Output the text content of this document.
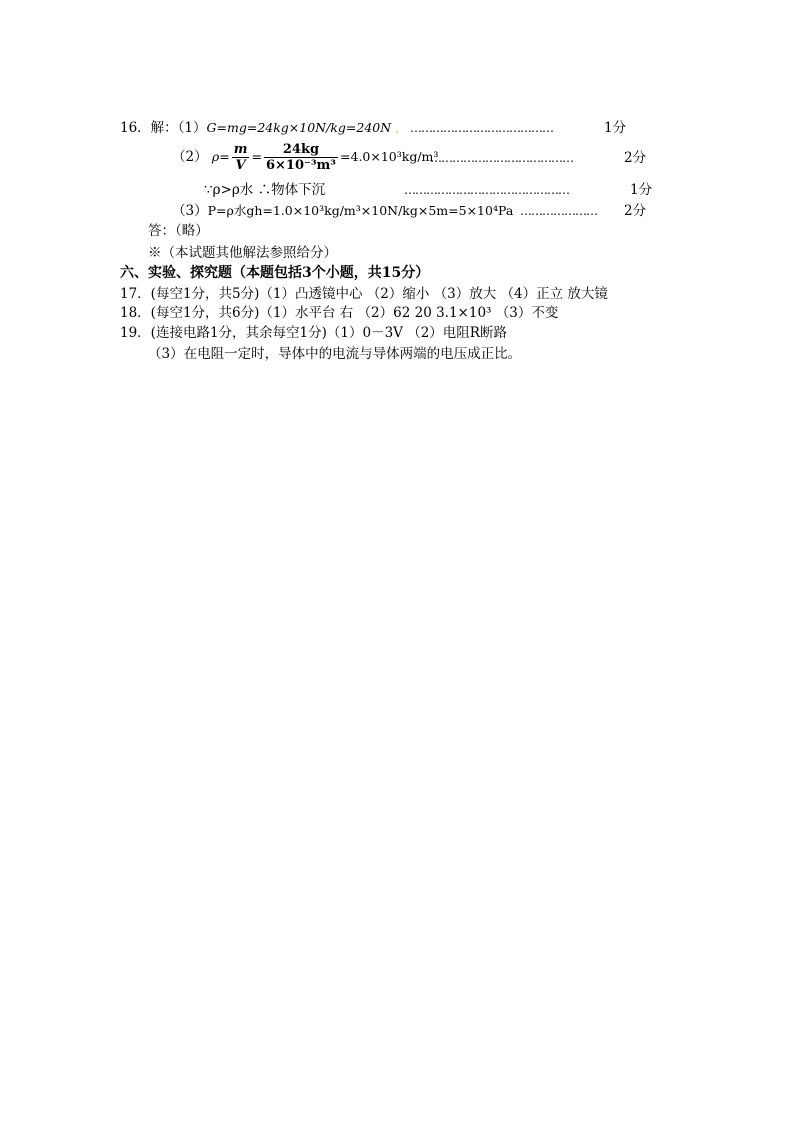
16．解：（1）G=mg=24kg×10N/kg=240N ， …………………………………	1分
（2） $\rho= \frac{m}{V} = \frac{24kg}{\text{6×10⁻³m³}} =4.0\times 10^3kg/m^3$
…………………………………	2分
∵ρ>ρ水 ∴物体下沉	………………………………………	1分
（3）P=ρ水gh=1.0×10³kg/m³×10N/kg×5m=5×10⁴Pa ………………… 2分
答：（略）
※（本试题其他解法参照给分）
六、实验、探究题（本题包括3个小题，共15分）
17．(每空1分，共5分)（1）凸透镜中心 （2）缩小 （3）放大 （4）正立 放大镜
18．(每空1分，共6分)（1）水平台 右 （2）62 20 3.1×10³ （3）不变
19．(连接电路1分，其余每空1分)（1）0－3V （2）电阻R断路
（3）在电阻一定时，导体中的电流与导体两端的电压成正比。
